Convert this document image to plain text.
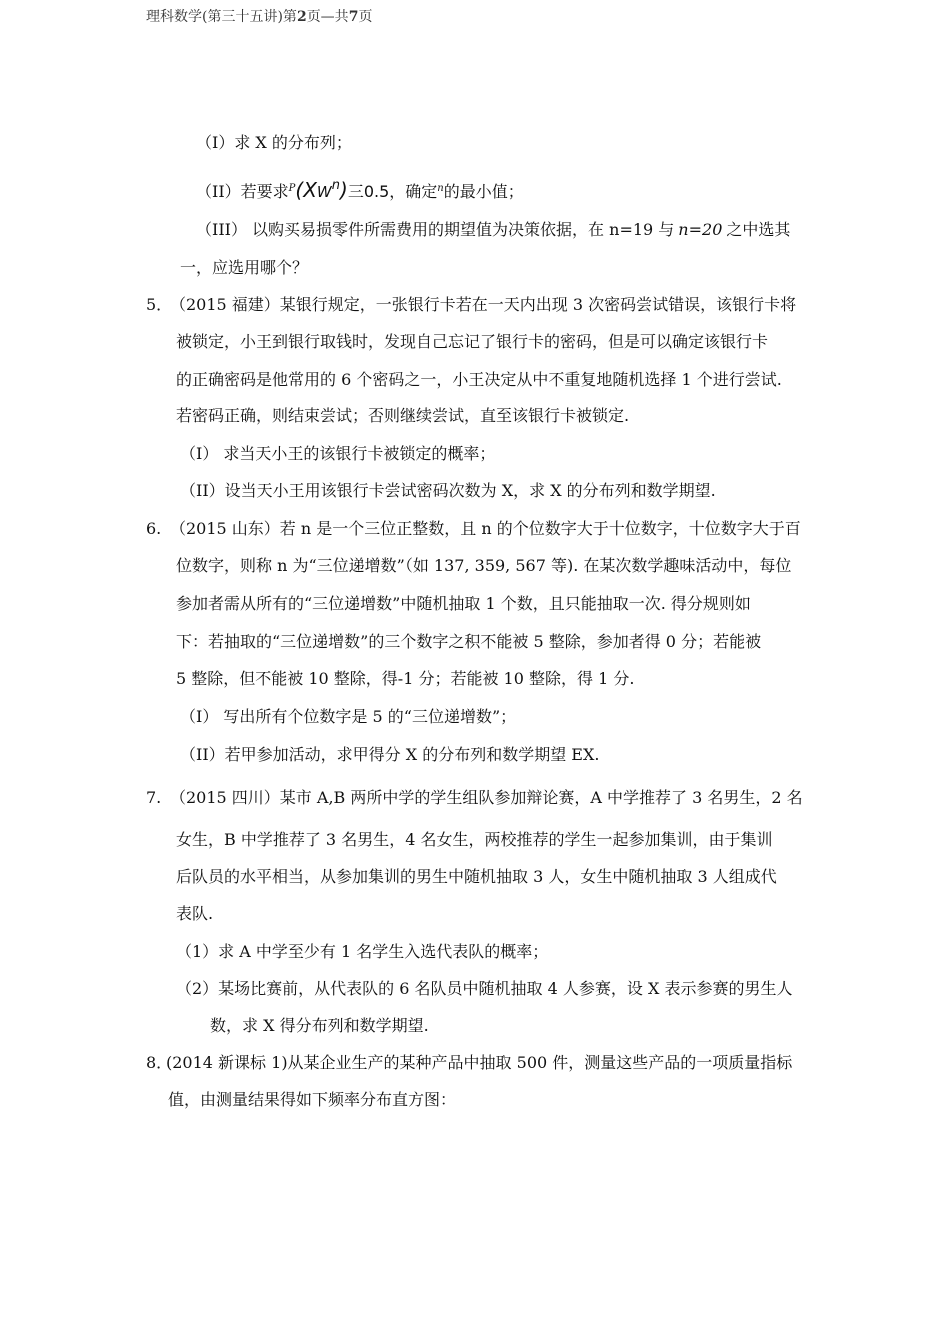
理科数学(第三十五讲)第2页—共7页
（I）求 X 的分布列；
（II）若要求$^P(XW^n)$三0.5，确定$^n$的最小值；
（III） 以购买易损零件所需费用的期望值为决策依据，在 n=19 与 n=20 之中选其
一，应选用哪个？
5．
（2015 福建）某银行规定，一张银行卡若在一天内出现 3 次密码尝试错误，该银行卡将
被锁定，小王到银行取钱时，发现自己忘记了银行卡的密码，但是可以确定该银行卡
的正确密码是他常用的 6 个密码之一，小王决定从中不重复地随机选择 1 个进行尝试.
若密码正确，则结束尝试；否则继续尝试，直至该银行卡被锁定.
（I） 求当天小王的该银行卡被锁定的概率；
（II）设当天小王用该银行卡尝试密码次数为 X，求 X 的分布列和数学期望.
6. （2015 山东）若 n 是一个三位正整数，且 n 的个位数字大于十位数字，十位数字大于百
位数字，则称 n 为“三位递增数”（如 137, 359, 567 等). 在某次数学趣味活动中，每位
参加者需从所有的“三位递增数”中随机抽取 1 个数，且只能抽取一次. 得分规则如
下：若抽取的“三位递增数”的三个数字之积不能被 5 整除，参加者得 0 分；若能被
5 整除，但不能被 10 整除，得-1 分；若能被 10 整除，得 1 分.
（I） 写出所有个位数字是 5 的“三位递增数”；
（II）若甲参加活动，求甲得分 X 的分布列和数学期望 EX.
7. （2015 四川）某市 A,B 两所中学的学生组队参加辩论赛，A 中学推荐了 3 名男生，2 名
女生，B 中学推荐了 3 名男生，4 名女生，两校推荐的学生一起参加集训，由于集训
后队员的水平相当，从参加集训的男生中随机抽取 3 人，女生中随机抽取 3 人组成代
表队.
（1）求 A 中学至少有 1 名学生入选代表队的概率；
（2）某场比赛前，从代表队的 6 名队员中随机抽取 4 人参赛，设 X 表示参赛的男生人
数，求 X 得分布列和数学期望.
8．
(2014 新课标 1)从某企业生产的某种产品中抽取 500 件，测量这些产品的一项质量指标
值，由测量结果得如下频率分布直方图：
